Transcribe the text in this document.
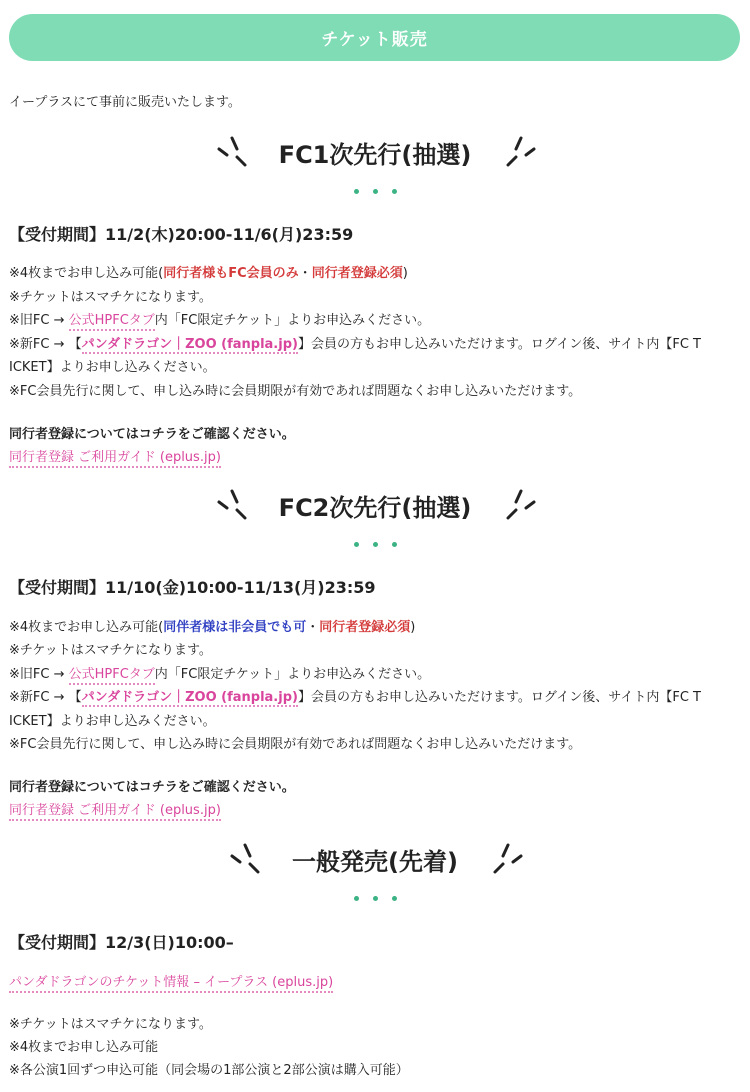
チケット販売
イープラスにて事前に販売いたします。
FC1次先行(抽選)
【受付期間】11/2(木)20:00-11/6(月)23:59
※4枚までお申し込み可能(同行者様もFC会員のみ・同行者登録必須)
※チケットはスマチケになります。
※旧FC → 公式HPFCタブ内「FC限定チケット」よりお申込みください。
※新FC → 【パンダドラゴン｜ZOO (fanpla.jp)】会員の方もお申し込みいただけます。ログイン後、サイト内【FC T
ICKET】よりお申し込みください。
※FC会員先行に関して、申し込み時に会員期限が有効であれば問題なくお申し込みいただけます。
同行者登録についてはコチラをご確認ください。
同行者登録 ご利用ガイド (eplus.jp)
FC2次先行(抽選)
【受付期間】11/10(金)10:00-11/13(月)23:59
※4枚までお申し込み可能(同伴者様は非会員でも可・同行者登録必須)
※チケットはスマチケになります。
※旧FC → 公式HPFCタブ内「FC限定チケット」よりお申込みください。
※新FC → 【パンダドラゴン｜ZOO (fanpla.jp)】会員の方もお申し込みいただけます。ログイン後、サイト内【FC T
ICKET】よりお申し込みください。
※FC会員先行に関して、申し込み時に会員期限が有効であれば問題なくお申し込みいただけます。
同行者登録についてはコチラをご確認ください。
同行者登録 ご利用ガイド (eplus.jp)
一般発売(先着)
【受付期間】12/3(日)10:00–
パンダドラゴンのチケット情報 – イープラス (eplus.jp)
※チケットはスマチケになります。
※4枚までお申し込み可能
※各公演1回ずつ申込可能（同会場の1部公演と2部公演は購入可能）
